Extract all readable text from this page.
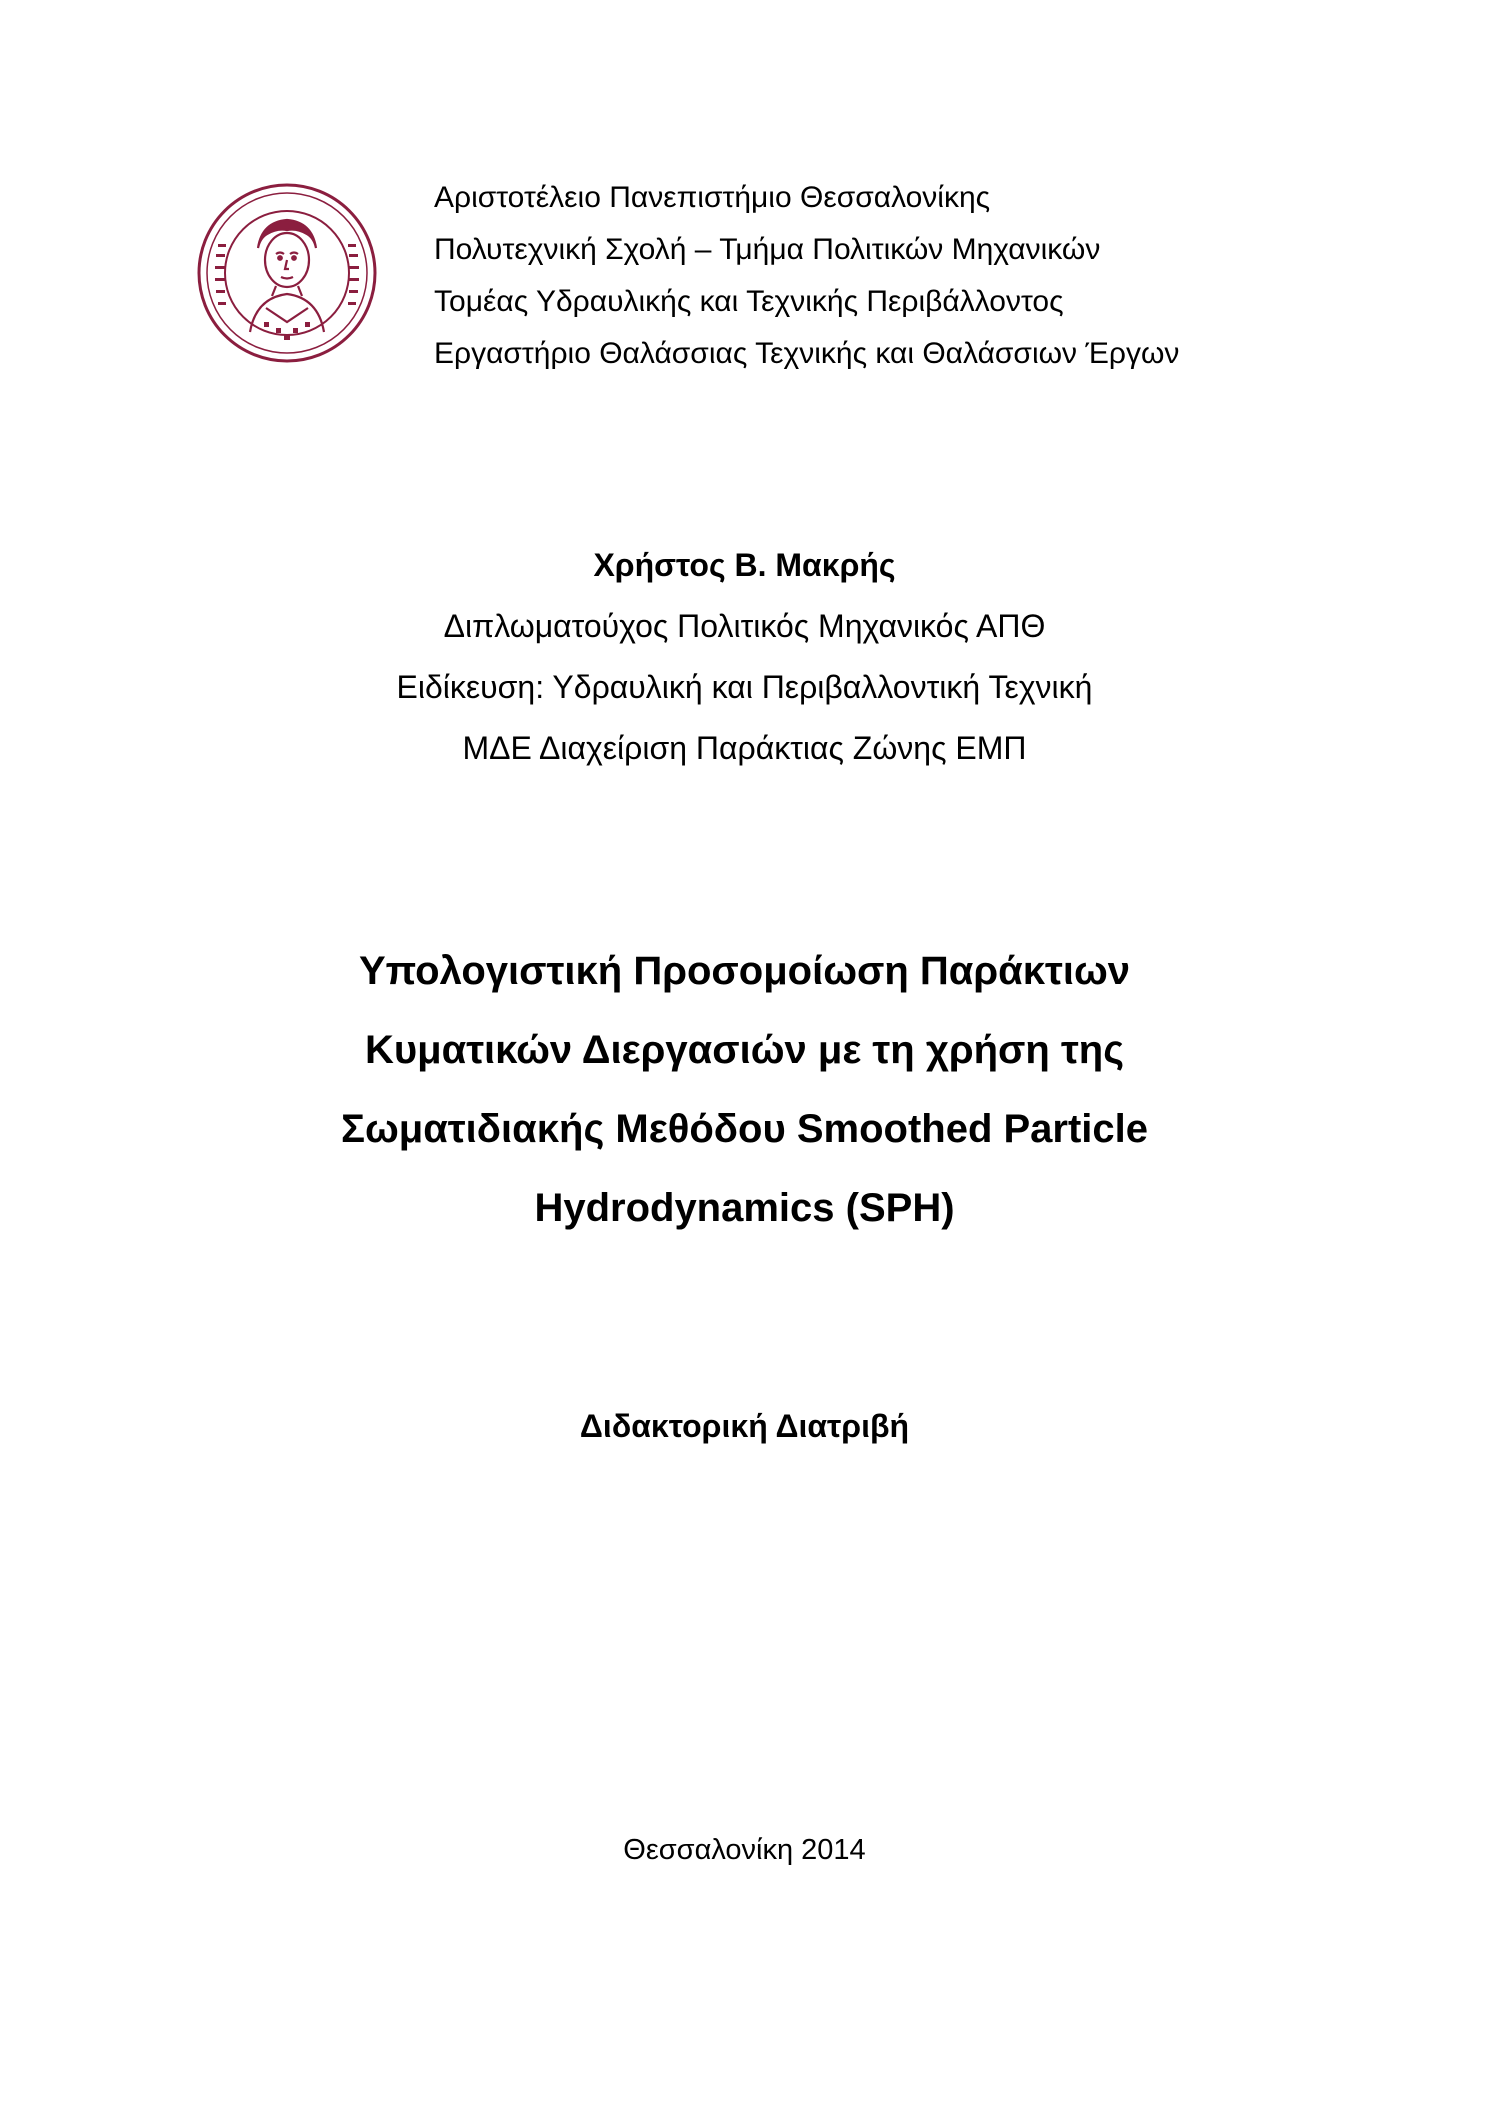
Αριστοτέλειο Πανεπιστήμιο Θεσσαλονίκης
Πολυτεχνική Σχολή – Τμήμα Πολιτικών Μηχανικών
Τομέας Υδραυλικής και Τεχνικής Περιβάλλοντος
Εργαστήριο Θαλάσσιας Τεχνικής και Θαλάσσιων Έργων
Χρήστος Β. Μακρής
Διπλωματούχος Πολιτικός Μηχανικός ΑΠΘ
Ειδίκευση: Υδραυλική και Περιβαλλοντική Τεχνική
ΜΔΕ Διαχείριση Παράκτιας Ζώνης ΕΜΠ
Υπολογιστική Προσομοίωση Παράκτιων
Κυματικών Διεργασιών με τη χρήση της
Σωματιδιακής Μεθόδου Smoothed Particle
Hydrodynamics (SPH)
Διδακτορική Διατριβή
Θεσσαλονίκη 2014
